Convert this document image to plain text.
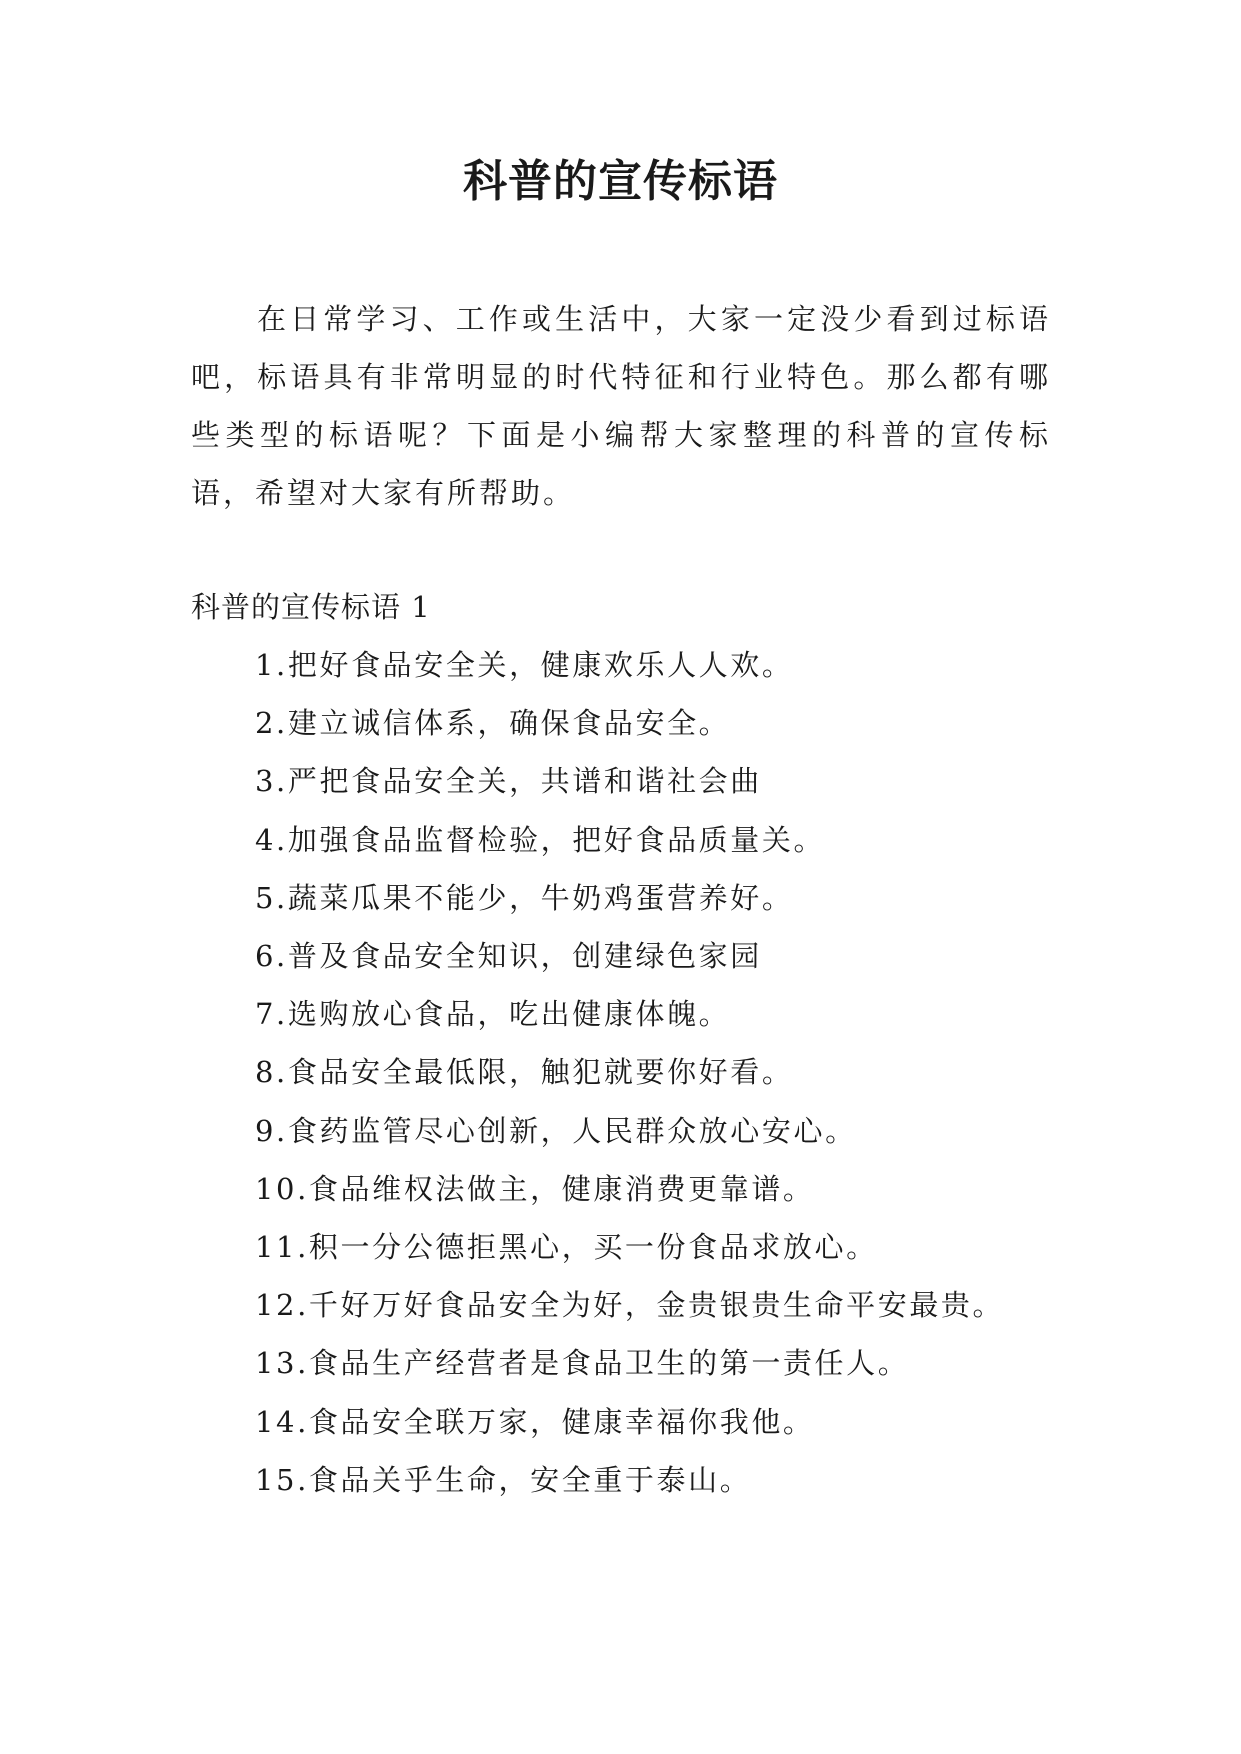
科普的宣传标语

在日常学习、工作或生活中，大家一定没少看到过标语吧，标语具有非常明显的时代特征和行业特色。那么都有哪些类型的标语呢？下面是小编帮大家整理的科普的宣传标语，希望对大家有所帮助。

科普的宣传标语 1

1.把好食品安全关，健康欢乐人人欢。
2.建立诚信体系，确保食品安全。
3.严把食品安全关，共谱和谐社会曲
4.加强食品监督检验，把好食品质量关。
5.蔬菜瓜果不能少，牛奶鸡蛋营养好。
6.普及食品安全知识，创建绿色家园
7.选购放心食品，吃出健康体魄。
8.食品安全最低限，触犯就要你好看。
9.食药监管尽心创新，人民群众放心安心。
10.食品维权法做主，健康消费更靠谱。
11.积一分公德拒黑心，买一份食品求放心。
12.千好万好食品安全为好，金贵银贵生命平安最贵。
13.食品生产经营者是食品卫生的第一责任人。
14.食品安全联万家，健康幸福你我他。
15.食品关乎生命，安全重于泰山。
